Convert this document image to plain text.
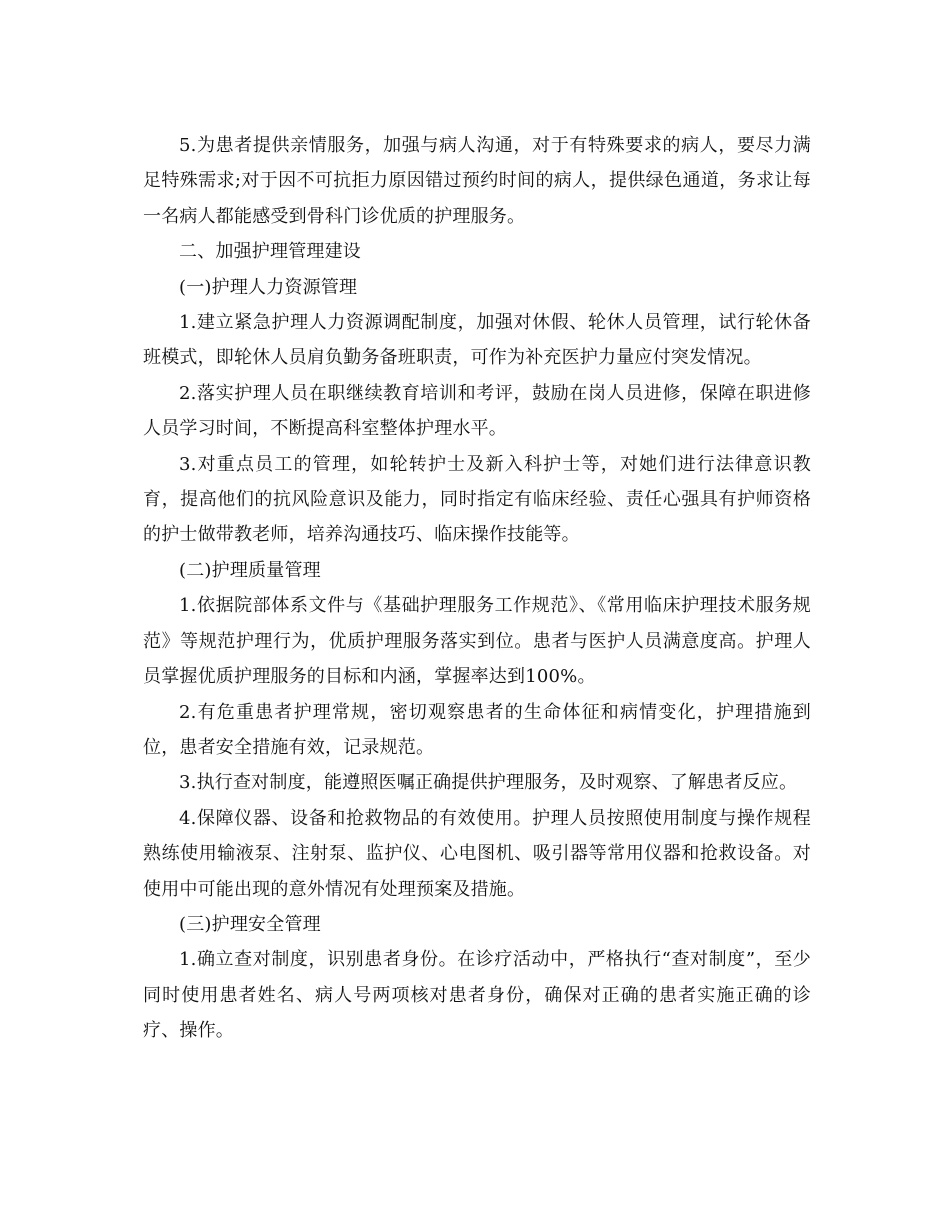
5.为患者提供亲情服务，加强与病人沟通，对于有特殊要求的病人，要尽力满足特殊需求;对于因不可抗拒力原因错过预约时间的病人，提供绿色通道，务求让每一名病人都能感受到骨科门诊优质的护理服务。

二、加强护理管理建设

(一)护理人力资源管理

1.建立紧急护理人力资源调配制度，加强对休假、轮休人员管理，试行轮休备班模式，即轮休人员肩负勤务备班职责，可作为补充医护力量应付突发情况。

2.落实护理人员在职继续教育培训和考评，鼓励在岗人员进修，保障在职进修人员学习时间，不断提高科室整体护理水平。

3.对重点员工的管理，如轮转护士及新入科护士等，对她们进行法律意识教育，提高他们的抗风险意识及能力，同时指定有临床经验、责任心强具有护师资格的护士做带教老师，培养沟通技巧、临床操作技能等。

(二)护理质量管理

1.依据院部体系文件与《基础护理服务工作规范》、《常用临床护理技术服务规范》等规范护理行为，优质护理服务落实到位。患者与医护人员满意度高。护理人员掌握优质护理服务的目标和内涵，掌握率达到100%。

2.有危重患者护理常规，密切观察患者的生命体征和病情变化，护理措施到位，患者安全措施有效，记录规范。

3.执行查对制度，能遵照医嘱正确提供护理服务，及时观察、了解患者反应。

4.保障仪器、设备和抢救物品的有效使用。护理人员按照使用制度与操作规程熟练使用输液泵、注射泵、监护仪、心电图机、吸引器等常用仪器和抢救设备。对使用中可能出现的意外情况有处理预案及措施。

(三)护理安全管理

1.确立查对制度，识别患者身份。在诊疗活动中，严格执行“查对制度”，至少同时使用患者姓名、病人号两项核对患者身份，确保对正确的患者实施正确的诊疗、操作。
